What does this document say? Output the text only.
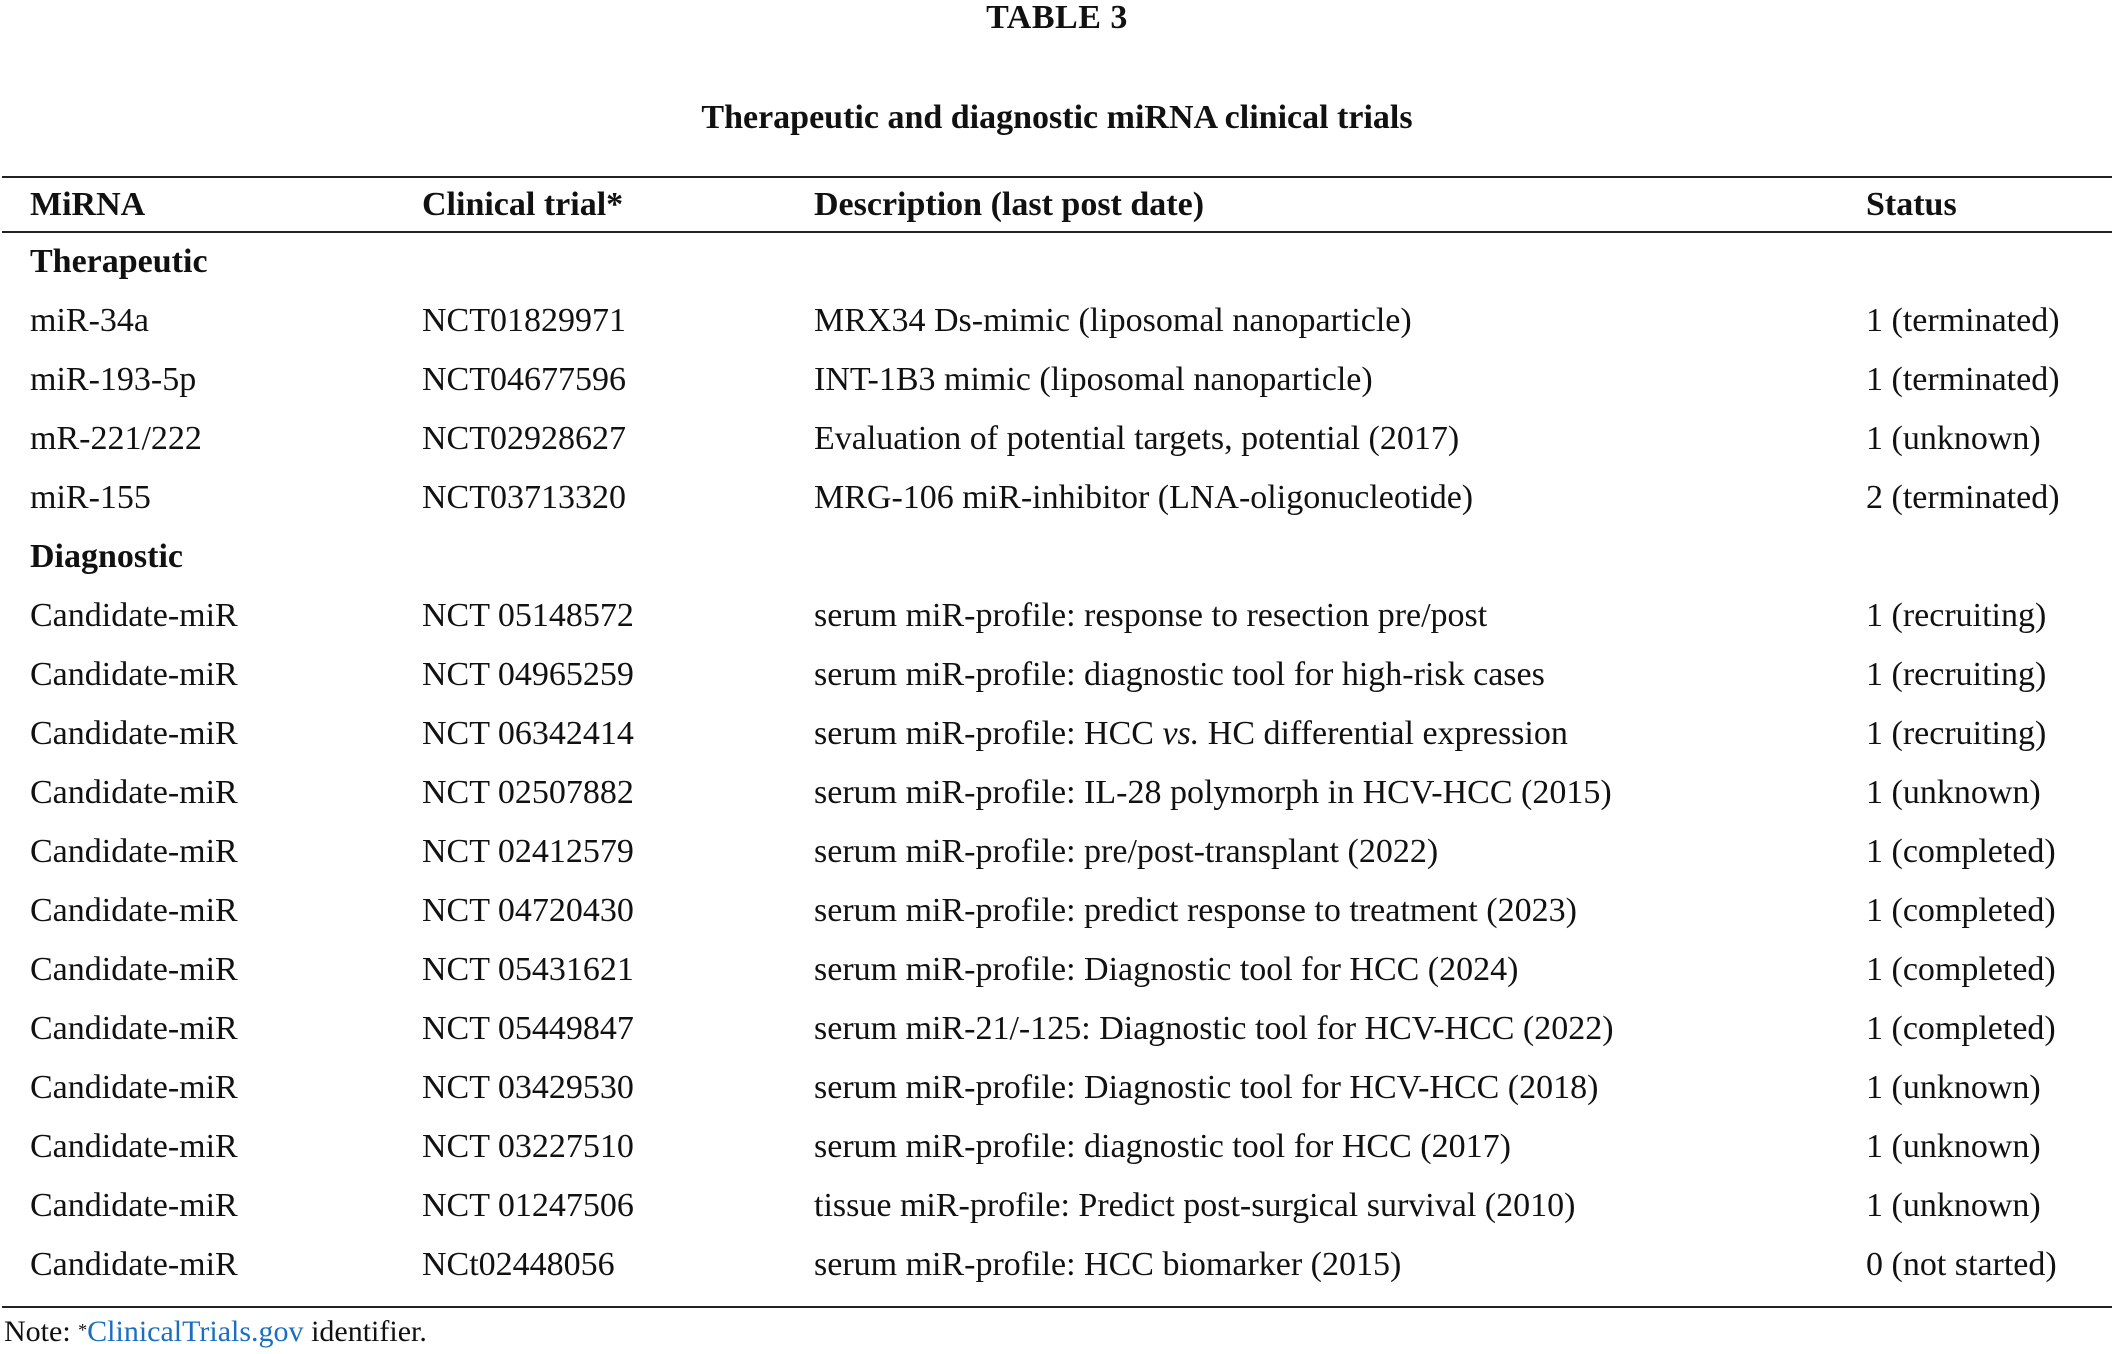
TABLE 3
Therapeutic and diagnostic miRNA clinical trials
MiRNA	Clinical trial*	Description (last post date)	Status
Therapeutic			
miR-34a	NCT01829971	MRX34 Ds-mimic (liposomal nanoparticle)	1 (terminated)
miR-193-5p	NCT04677596	INT-1B3 mimic (liposomal nanoparticle)	1 (terminated)
mR-221/222	NCT02928627	Evaluation of potential targets, potential (2017)	1 (unknown)
miR-155	NCT03713320	MRG-106 miR-inhibitor (LNA-oligonucleotide)	2 (terminated)
Diagnostic			
Candidate-miR	NCT 05148572	serum miR-profile: response to resection pre/post	1 (recruiting)
Candidate-miR	NCT 04965259	serum miR-profile: diagnostic tool for high-risk cases	1 (recruiting)
Candidate-miR	NCT 06342414	serum miR-profile: HCC vs. HC differential expression	1 (recruiting)
Candidate-miR	NCT 02507882	serum miR-profile: IL-28 polymorph in HCV-HCC (2015)	1 (unknown)
Candidate-miR	NCT 02412579	serum miR-profile: pre/post-transplant (2022)	1 (completed)
Candidate-miR	NCT 04720430	serum miR-profile: predict response to treatment (2023)	1 (completed)
Candidate-miR	NCT 05431621	serum miR-profile: Diagnostic tool for HCC (2024)	1 (completed)
Candidate-miR	NCT 05449847	serum miR-21/-125: Diagnostic tool for HCV-HCC (2022)	1 (completed)
Candidate-miR	NCT 03429530	serum miR-profile: Diagnostic tool for HCV-HCC (2018)	1 (unknown)
Candidate-miR	NCT 03227510	serum miR-profile: diagnostic tool for HCC (2017)	1 (unknown)
Candidate-miR	NCT 01247506	tissue miR-profile: Predict post-surgical survival (2010)	1 (unknown)
Candidate-miR	NCt02448056	serum miR-profile: HCC biomarker (2015)	0 (not started)
Note: *ClinicalTrials.gov identifier.
